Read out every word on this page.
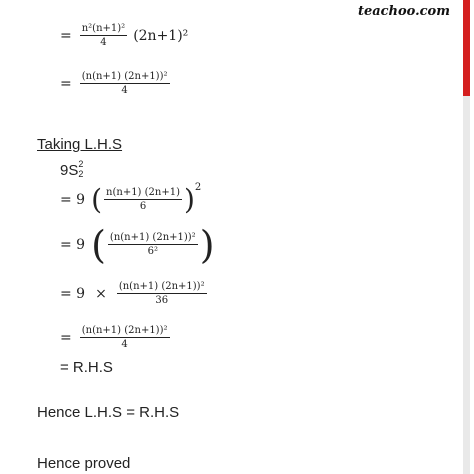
teachoo.com
= $\frac{\text{n²(n+1)²}}{4} (2n+1)^2$
= $\frac{\text{(n(n+1) (2n+1))²}}{4}$
Taking L.H.S
9S 2
2
= 9 ( $\frac{n(n+1) (2n+1)}{6}$ ) 2
= 9 ( $\frac{\text{(n(n+1) (2n+1))²}}{\text{6²}}$ )
= $9 \times \frac{\text{(n(n+1) (2n+1))²}}{36}$
= $\frac{\text{(n(n+1) (2n+1))²}}{4}$
= R.H.S
Hence L.H.S = R.H.S
Hence proved
